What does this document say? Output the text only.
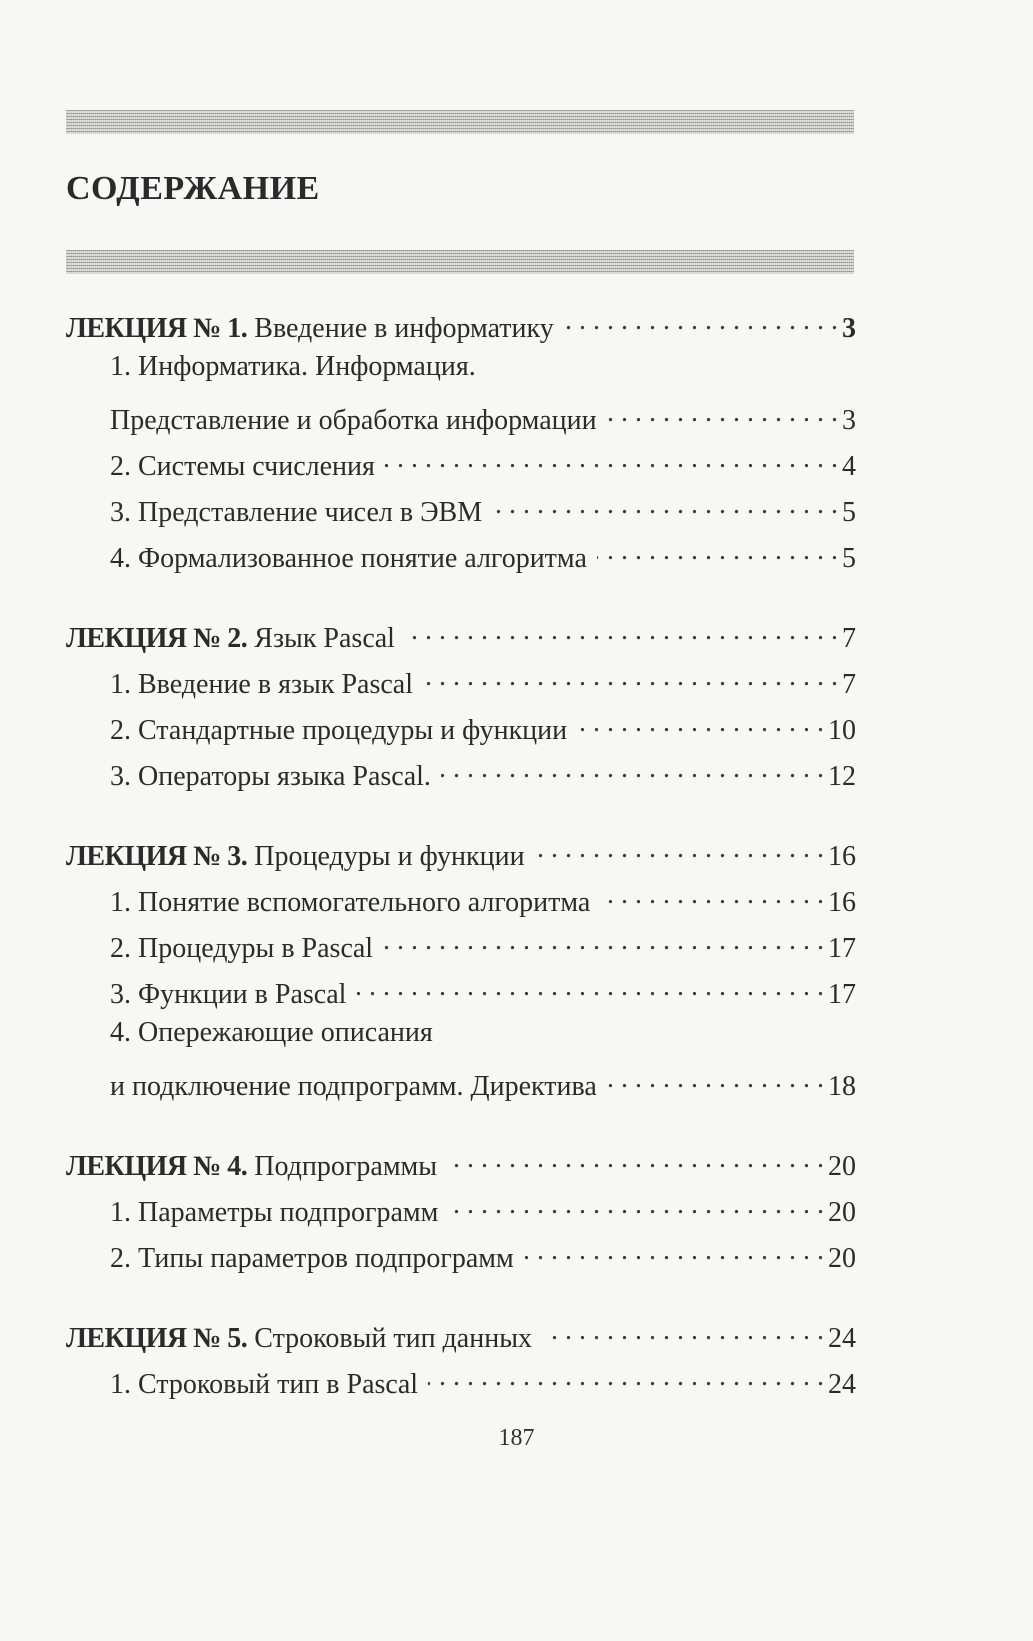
СОДЕРЖАНИЕ
ЛЕКЦИЯ № 1. Введение в информатику . . .	3
1. Информатика. Информация.
Представление и обработка информации . . .	3
2. Системы счисления . . .	4
3. Представление чисел в ЭВМ . . .	5
4. Формализованное понятие алгоритма . . .	5
ЛЕКЦИЯ № 2. Язык Pascal . . .	7
1. Введение в язык Pascal . . .	7
2. Стандартные процедуры и функции . . .	10
3. Операторы языка Pascal. . . .	12
ЛЕКЦИЯ № 3. Процедуры и функции . . .	16
1. Понятие вспомогательного алгоритма . . .	16
2. Процедуры в Pascal . . .	17
3. Функции в Pascal . . .	17
4. Опережающие описания
и подключение подпрограмм. Директива . . .	18
ЛЕКЦИЯ № 4. Подпрограммы . . .	20
1. Параметры подпрограмм . . .	20
2. Типы параметров подпрограмм . . .	20
ЛЕКЦИЯ № 5. Строковый тип данных . . .	24
1. Строковый тип в Pascal . . .	24
187
